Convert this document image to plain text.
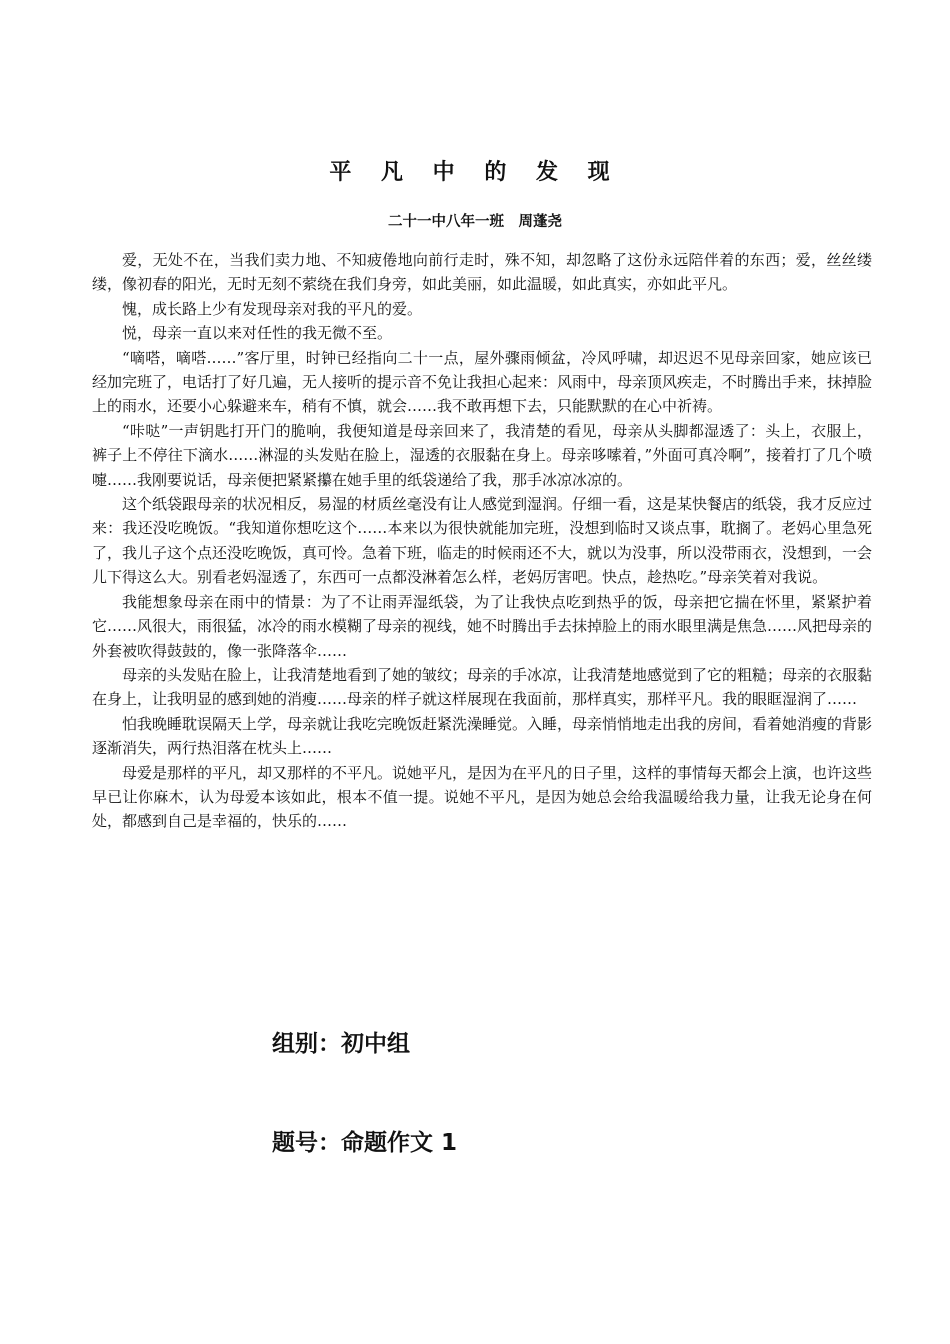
平 凡 中 的 发 现
二十一中八年一班　周蓬尧

爱，无处不在，当我们卖力地、不知疲倦地向前行走时，殊不知，却忽略了这份永远陪伴着的东西；爱，丝丝缕缕，像初春的阳光，无时无刻不萦绕在我们身旁，如此美丽，如此温暖，如此真实，亦如此平凡。

愧，成长路上少有发现母亲对我的平凡的爱。

悦，母亲一直以来对任性的我无微不至。

“嘀嗒，嘀嗒……”客厅里，时钟已经指向二十一点，屋外骤雨倾盆，冷风呼啸，却迟迟不见母亲回家，她应该已经加完班了，电话打了好几遍，无人接听的提示音不免让我担心起来：风雨中，母亲顶风疾走，不时腾出手来，抹掉脸上的雨水，还要小心躲避来车，稍有不慎，就会……我不敢再想下去，只能默默的在心中祈祷。

“咔哒”一声钥匙打开门的脆响，我便知道是母亲回来了，我清楚的看见，母亲从头脚都湿透了：头上，衣服上，裤子上不停往下滴水……淋湿的头发贴在脸上，湿透的衣服黏在身上。母亲哆嗦着，”外面可真冷啊”，接着打了几个喷嚏……我刚要说话，母亲便把紧紧攥在她手里的纸袋递给了我，那手冰凉冰凉的。

这个纸袋跟母亲的状况相反，易湿的材质丝毫没有让人感觉到湿润。仔细一看，这是某快餐店的纸袋，我才反应过来：我还没吃晚饭。“我知道你想吃这个……本来以为很快就能加完班，没想到临时又谈点事，耽搁了。老妈心里急死了，我儿子这个点还没吃晚饭，真可怜。急着下班，临走的时候雨还不大，就以为没事，所以没带雨衣，没想到，一会儿下得这么大。别看老妈湿透了，东西可一点都没淋着怎么样，老妈厉害吧。快点，趁热吃。”母亲笑着对我说。

我能想象母亲在雨中的情景：为了不让雨弄湿纸袋，为了让我快点吃到热乎的饭，母亲把它揣在怀里，紧紧护着它……风很大，雨很猛，冰冷的雨水模糊了母亲的视线，她不时腾出手去抹掉脸上的雨水眼里满是焦急……风把母亲的外套被吹得鼓鼓的，像一张降落伞……

母亲的头发贴在脸上，让我清楚地看到了她的皱纹；母亲的手冰凉，让我清楚地感觉到了它的粗糙；母亲的衣服黏在身上，让我明显的感到她的消瘦……母亲的样子就这样展现在我面前，那样真实，那样平凡。我的眼眶湿润了……

怕我晚睡耽误隔天上学，母亲就让我吃完晚饭赶紧洗澡睡觉。入睡，母亲悄悄地走出我的房间，看着她消瘦的背影逐渐消失，两行热泪落在枕头上……

母爱是那样的平凡，却又那样的不平凡。说她平凡，是因为在平凡的日子里，这样的事情每天都会上演，也许这些早已让你麻木，认为母爱本该如此，根本不值一提。说她不平凡，是因为她总会给我温暖给我力量，让我无论身在何处，都感到自己是幸福的，快乐的……

组别：初中组
题号：命题作文 1
